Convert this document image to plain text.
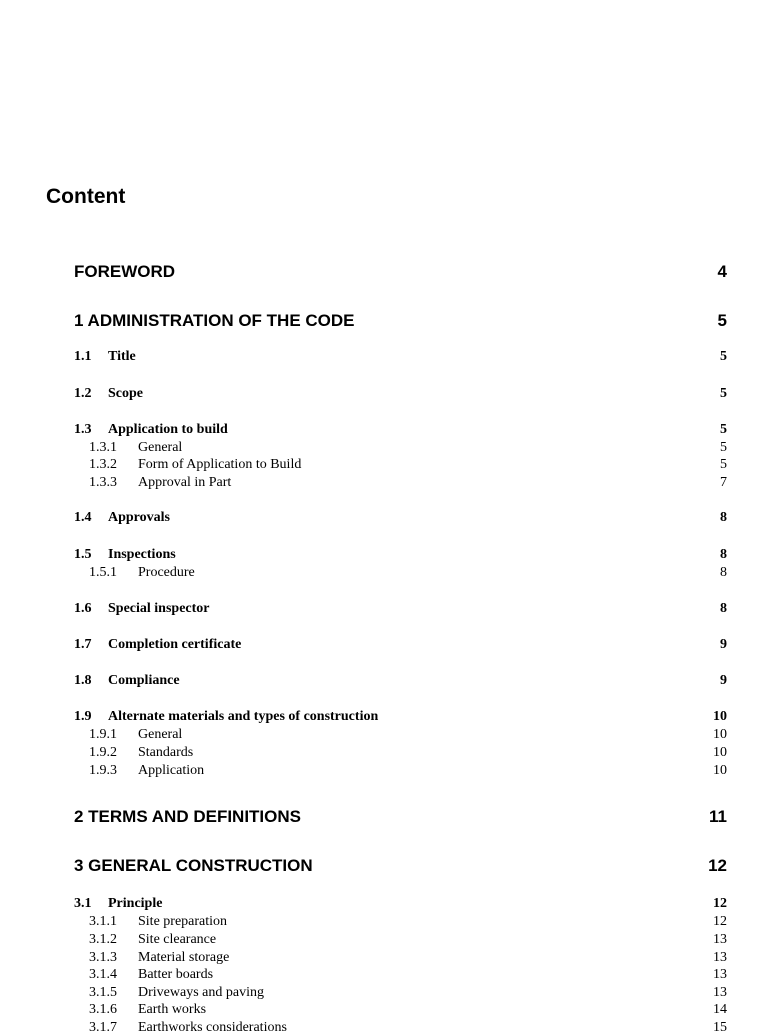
Content
FOREWORD	4
1 ADMINISTRATION OF THE CODE	5
1.1 Title	5
1.2 Scope	5
1.3 Application to build	5
1.3.1 General	5
1.3.2 Form of Application to Build	5
1.3.3 Approval in Part	7
1.4 Approvals	8
1.5 Inspections	8
1.5.1 Procedure	8
1.6 Special inspector	8
1.7 Completion certificate	9
1.8 Compliance	9
1.9 Alternate materials and types of construction	10
1.9.1 General	10
1.9.2 Standards	10
1.9.3 Application	10
2 TERMS AND DEFINITIONS	11
3 GENERAL CONSTRUCTION	12
3.1 Principle	12
3.1.1 Site preparation	12
3.1.2 Site clearance	13
3.1.3 Material storage	13
3.1.4 Batter boards	13
3.1.5 Driveways and paving	13
3.1.6 Earth works	14
3.1.7 Earthworks considerations	15
